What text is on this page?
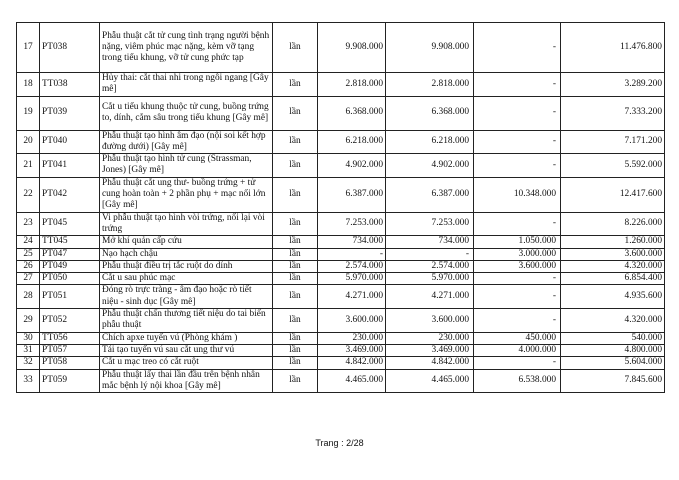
17	PT038	Phẫu thuật cắt tử cung tình trạng người bệnh nặng, viêm phúc mạc nặng, kèm vỡ tạng trong tiểu khung, vỡ tử cung phức tạp	lần	9.908.000	9.908.000	-	11.476.800
18	TT038	Hủy thai: cắt thai nhi trong ngôi ngang [Gây mê]	lần	2.818.000	2.818.000	-	3.289.200
19	PT039	Cắt u tiểu khung thuộc tử cung, buồng trứng to, dính, cắm sâu trong tiểu khung [Gây mê]	lần	6.368.000	6.368.000	-	7.333.200
20	PT040	Phẫu thuật tạo hình âm đạo (nội soi kết hợp đường dưới) [Gây mê]	lần	6.218.000	6.218.000	-	7.171.200
21	PT041	Phẫu thuật tạo hình tử cung (Strassman, Jones) [Gây mê]	lần	4.902.000	4.902.000	-	5.592.000
22	PT042	Phẫu thuật cắt ung thư- buồng trứng + tử cung hoàn toàn + 2 phần phụ + mạc nối lớn [Gây mê]	lần	6.387.000	6.387.000	10.348.000	12.417.600
23	PT045	Vi phẫu thuật tạo hình vòi trứng, nối lại vòi trứng	lần	7.253.000	7.253.000	-	8.226.000
24	TT045	Mở khí quản cấp cứu	lần	734.000	734.000	1.050.000	1.260.000
25	PT047	Nạo hạch chậu	lần	-	-	3.000.000	3.600.000
26	PT049	Phẫu thuật điều trị tắc ruột do dính	lần	2.574.000	2.574.000	3.600.000	4.320.000
27	PT050	Cắt u sau phúc mạc	lần	5.970.000	5.970.000	-	6.854.400
28	PT051	Đóng rò trực tràng - âm đạo hoặc rò tiết niệu - sinh dục [Gây mê]	lần	4.271.000	4.271.000	-	4.935.600
29	PT052	Phẫu thuật chấn thương tiết niệu do tai biến phẫu thuật	lần	3.600.000	3.600.000	-	4.320.000
30	TT056	Chích apxe tuyến vú (Phòng khám )	lần	230.000	230.000	450.000	540.000
31	PT057	Tái tạo tuyến vú sau cắt ung thư vú	lần	3.469.000	3.469.000	4.000.000	4.800.000
32	PT058	Cắt u mạc treo có cắt ruột	lần	4.842.000	4.842.000	-	5.604.000
33	PT059	Phẫu thuật lấy thai lần đầu trên bệnh nhân mắc bệnh lý nội khoa [Gây mê]	lần	4.465.000	4.465.000	6.538.000	7.845.600
Trang : 2/28
